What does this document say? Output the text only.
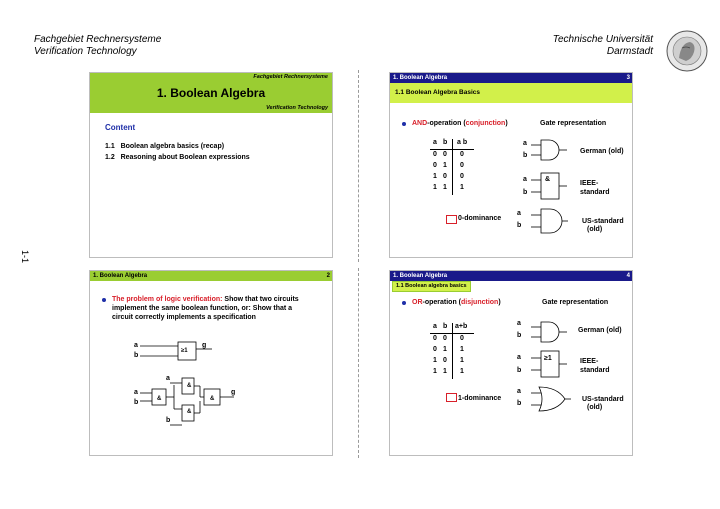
Fachgebiet Rechnersysteme
Verification Technology
Technische Universität
Darmstadt
1-1
Fachgebiet Rechnersysteme
1. Boolean Algebra
Verification Technology
Content
1.1   Boolean algebra basics (recap)
1.2   Reasoning about Boolean expressions
1. Boolean Algebra	2
The problem of logic verification: Show that two circuits
implement the same boolean function, or: Show that a
circuit correctly implements a specification
a
b
≥1
g
a
a
b
b
&
&
&
&
g
1. Boolean Algebra	3
1.1 Boolean Algebra Basics
AND-operation (conjunction)	Gate representation
a b a b
0 0 0
0 1 0
1 0 0
1 1 1
a
b
German (old)
&
a
b
IEEE-
standard
a
b
US-standard
(old)
0-dominance
1. Boolean Algebra	4
1.1 Boolean algebra basics
OR-operation (disjunction)	Gate representation
a b a+b
0 0 0
0 1 1
1 0 1
1 1 1
a
b
German (old)
≥1
a
b
IEEE-
standard
a
b
US-standard
(old)
1-dominance
